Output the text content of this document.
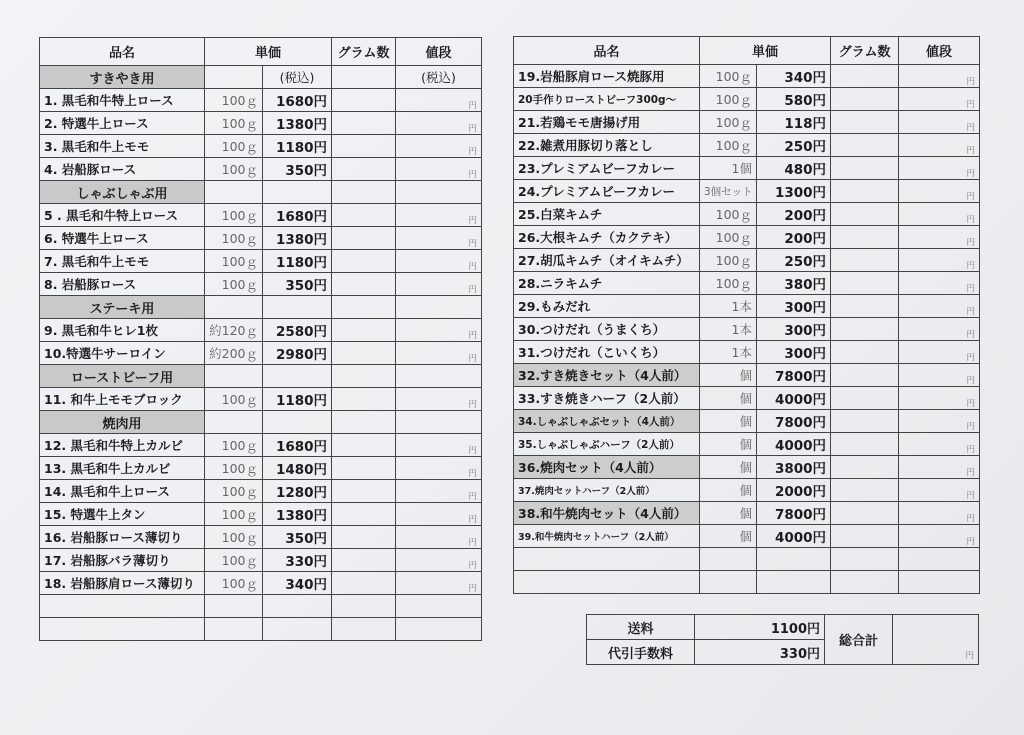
品名	単価		グラム数	値段
すきやき用		(税込)		(税込)
1. 黒毛和牛特上ロース	100ｇ	1680円		円
2. 特選牛上ロース	100ｇ	1380円		円
3. 黒毛和牛上モモ	100ｇ	1180円		円
4. 岩船豚ロース	100ｇ	350円		円
しゃぶしゃぶ用				
5 . 黒毛和牛特上ロース	100ｇ	1680円		円
6. 特選牛上ロース	100ｇ	1380円		円
7. 黒毛和牛上モモ	100ｇ	1180円		円
8. 岩船豚ロース	100ｇ	350円		円
ステーキ用				
9. 黒毛和牛ヒレ1枚	約120ｇ	2580円		円
10.特選牛サーロイン	約200ｇ	2980円		円
ローストビーフ用				
11. 和牛上モモブロック	100ｇ	1180円		円
焼肉用				
12. 黒毛和牛特上カルビ	100ｇ	1680円		円
13. 黒毛和牛上カルビ	100ｇ	1480円		円
14. 黒毛和牛上ロース	100ｇ	1280円		円
15. 特選牛上タン	100ｇ	1380円		円
16. 岩船豚ロース薄切り	100ｇ	350円		円
17. 岩船豚バラ薄切り	100ｇ	330円		円
18. 岩船豚肩ロース薄切り	100ｇ	340円		円

品名	単価		グラム数	値段
19.岩船豚肩ロース焼豚用	100ｇ	340円		円
20手作りローストビーフ300g～	100ｇ	580円		円
21.若鶏モモ唐揚げ用	100ｇ	118円		円
22.雑煮用豚切り落とし	100ｇ	250円		円
23.プレミアムビーフカレー	1個	480円		円
24.プレミアムビーフカレー	3個セット	1300円		円
25.白菜キムチ	100ｇ	200円		円
26.大根キムチ（カクテキ）	100ｇ	200円		円
27.胡瓜キムチ（オイキムチ）	100ｇ	250円		円
28.ニラキムチ	100ｇ	380円		円
29.もみだれ	1本	300円		円
30.つけだれ（うまくち）	1本	300円		円
31.つけだれ（こいくち）	1本	300円		円
32.すき焼きセット（4人前）	個	7800円		円
33.すき焼きハーフ（2人前）	個	4000円		円
34.しゃぶしゃぶセット（4人前）	個	7800円		円
35.しゃぶしゃぶハーフ（2人前）	個	4000円		円
36.焼肉セット（4人前）	個	3800円		円
37.焼肉セットハーフ（2人前）	個	2000円		円
38.和牛焼肉セット（4人前）	個	7800円		円
39.和牛焼肉セットハーフ（2人前）	個	4000円		円

送料	1100円	総合計	円
代引手数料	330円		
